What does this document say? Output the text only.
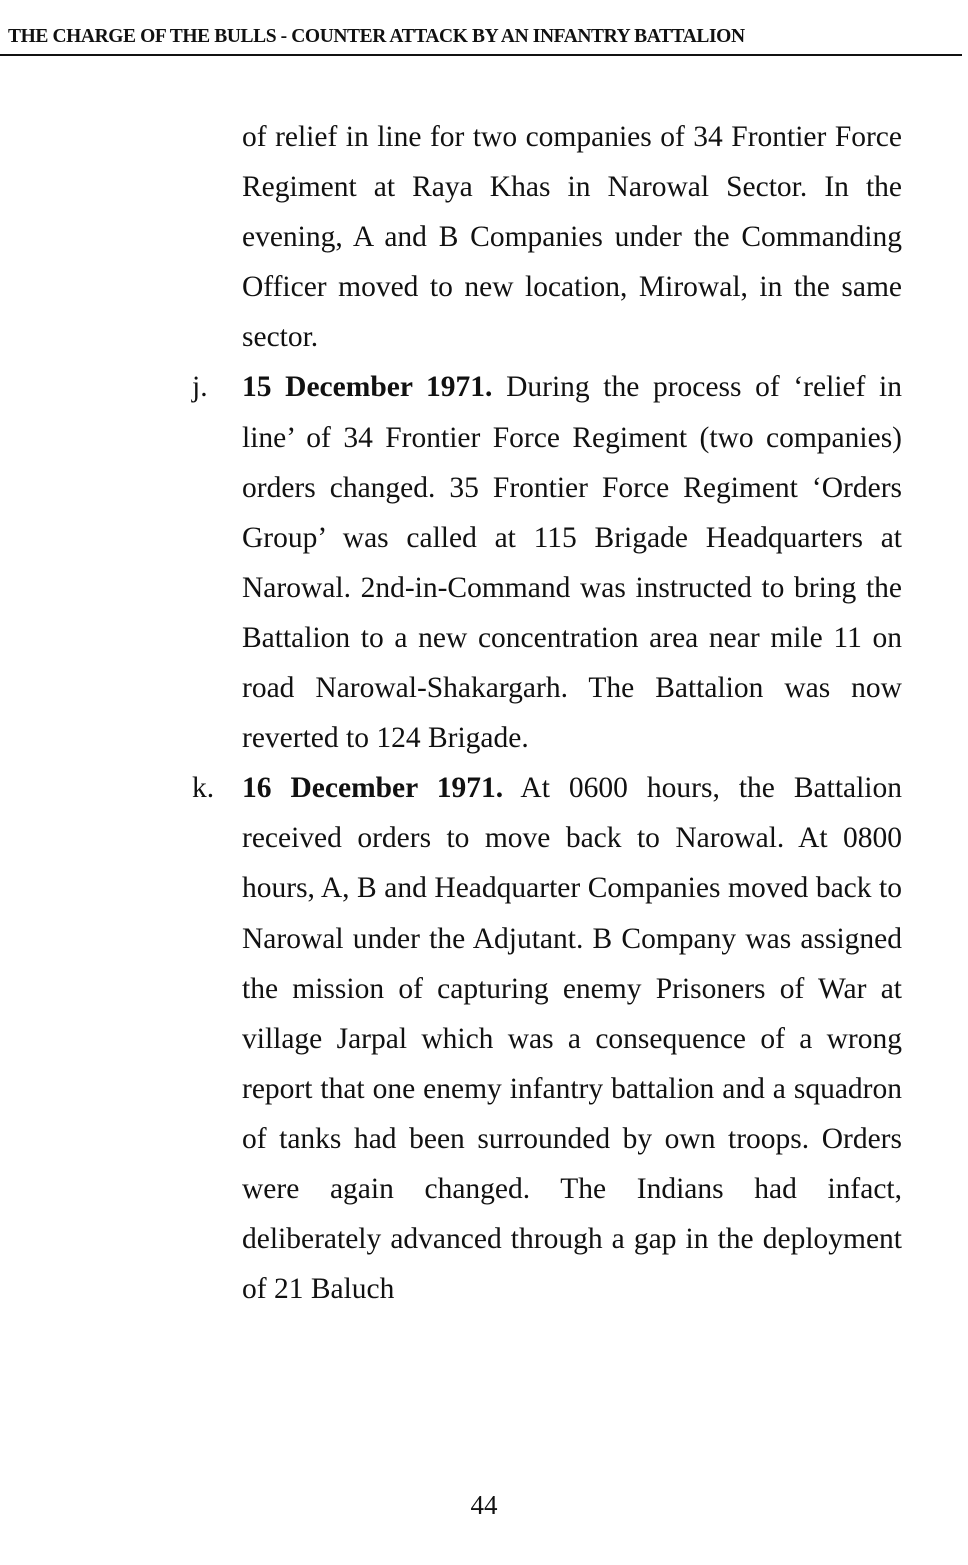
THE CHARGE OF THE BULLS - COUNTER ATTACK BY AN INFANTRY BATTALION

of relief in line for two companies of 34 Frontier Force Regiment at Raya Khas in Narowal Sector. In the evening, A and B Companies under the Commanding Officer moved to new location, Mirowal, in the same sector.

j. 15 December 1971. During the process of ‘relief in line’ of 34 Frontier Force Regiment (two companies) orders changed. 35 Frontier Force Regiment ‘Orders Group’ was called at 115 Brigade Headquarters at Narowal. 2nd-in-Command was instructed to bring the Battalion to a new concentration area near mile 11 on road Narowal-Shakargarh. The Battalion was now reverted to 124 Brigade.

k. 16 December 1971. At 0600 hours, the Battalion received orders to move back to Narowal. At 0800 hours, A, B and Headquarter Companies moved back to Narowal under the Adjutant. B Company was assigned the mission of capturing enemy Prisoners of War at village Jarpal which was a consequence of a wrong report that one enemy infantry battalion and a squadron of tanks had been surrounded by own troops. Orders were again changed. The Indians had infact, deliberately advanced through a gap in the deployment of 21 Baluch

44
